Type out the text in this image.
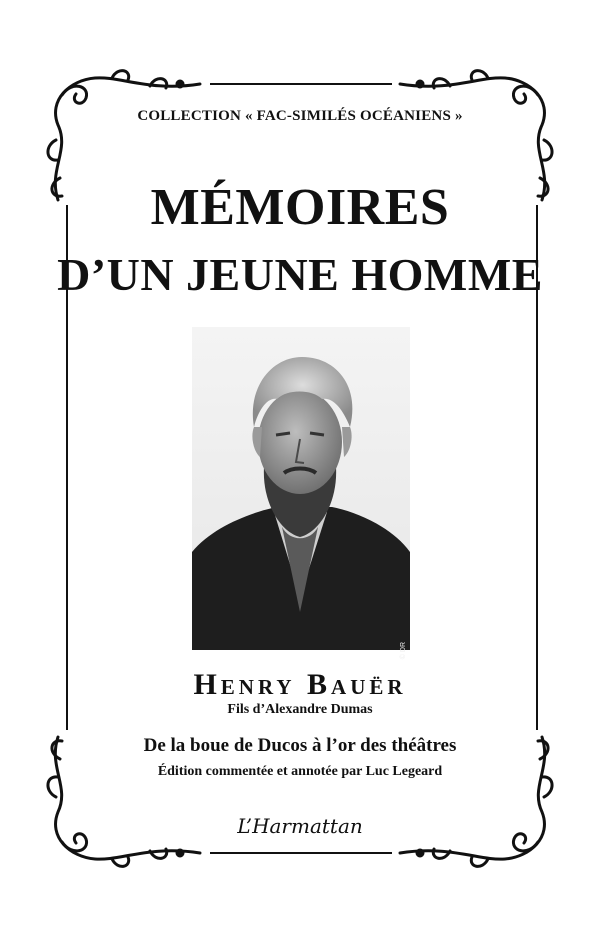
COLLECTION « FAC-SIMILÉS OCÉANIENS »
MÉMOIRES
D’UN JEUNE HOMME
© DR
Henry Bauër
Fils d’Alexandre Dumas
De la boue de Ducos à l’or des théâtres
Édition commentée et annotée par Luc Legeard
L’Harmattan
